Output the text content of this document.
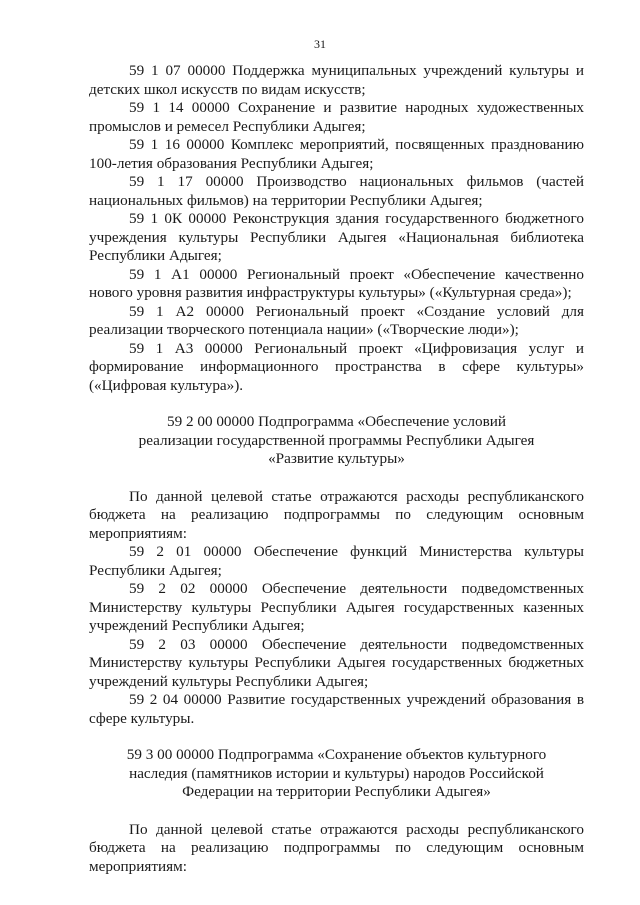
31

59 1 07 00000 Поддержка муниципальных учреждений культуры и детских школ искусств по видам искусств;

59 1 14 00000 Сохранение и развитие народных художественных промыслов и ремесел Республики Адыгея;

59 1 16 00000 Комплекс мероприятий, посвященных празднованию 100-летия образования Республики Адыгея;

59 1 17 00000 Производство национальных фильмов (частей национальных фильмов) на территории Республики Адыгея;

59 1 0К 00000 Реконструкция здания государственного бюджетного учреждения культуры Республики Адыгея «Национальная библиотека Республики Адыгея;

59 1 А1 00000 Региональный проект «Обеспечение качественно нового уровня развития инфраструктуры культуры» («Культурная среда»);

59 1 А2 00000 Региональный проект «Создание условий для реализации творческого потенциала нации» («Творческие люди»);

59 1 А3 00000 Региональный проект «Цифровизация услуг и формирование информационного пространства в сфере культуры» («Цифровая культура»).

59 2 00 00000 Подпрограмма «Обеспечение условий
реализации государственной программы Республики Адыгея
«Развитие культуры»

По данной целевой статье отражаются расходы республиканского бюджета на реализацию подпрограммы по следующим основным мероприятиям:

59 2 01 00000 Обеспечение функций Министерства культуры Республики Адыгея;

59 2 02 00000 Обеспечение деятельности подведомственных Министерству культуры Республики Адыгея государственных казенных учреждений Республики Адыгея;

59 2 03 00000 Обеспечение деятельности подведомственных Министерству культуры Республики Адыгея государственных бюджетных учреждений культуры Республики Адыгея;

59 2 04 00000 Развитие государственных учреждений образования в сфере культуры.

59 3 00 00000 Подпрограмма «Сохранение объектов культурного
наследия (памятников истории и культуры) народов Российской
Федерации на территории Республики Адыгея»

По данной целевой статье отражаются расходы республиканского бюджета на реализацию подпрограммы по следующим основным мероприятиям:
